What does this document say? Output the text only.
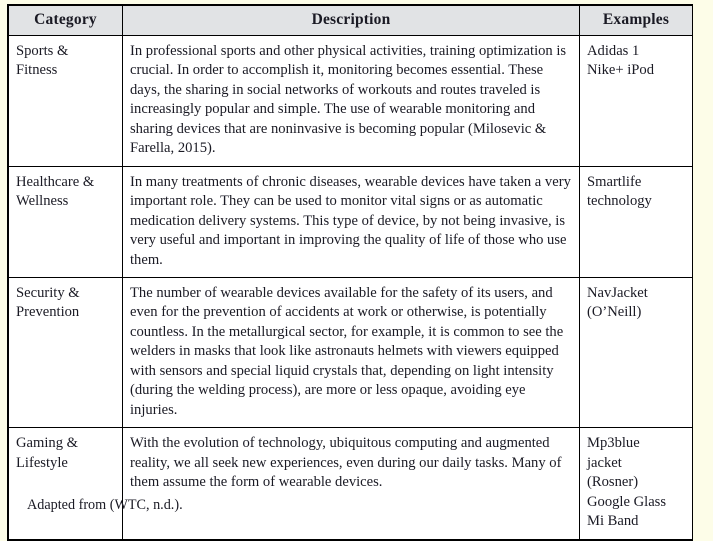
Category	Description	Examples

Sports &
Fitness	In professional sports and other physical activities, training optimization is crucial. In order to accomplish it, monitoring becomes essential. These days, the sharing in social networks of workouts and routes traveled is increasingly popular and simple. The use of wearable monitoring and sharing devices that are noninvasive is becoming popular (Milosevic & Farella, 2015).	Adidas 1
Nike+ iPod

Healthcare &
Wellness	In many treatments of chronic diseases, wearable devices have taken a very important role. They can be used to monitor vital signs or as automatic medication delivery systems. This type of device, by not being invasive, is very useful and important in improving the quality of life of those who use them.	Smartlife
technology

Security &
Prevention	The number of wearable devices available for the safety of its users, and even for the prevention of accidents at work or otherwise, is potentially countless. In the metallurgical sector, for example, it is common to see the welders in masks that look like astronauts helmets with viewers equipped with sensors and special liquid crystals that, depending on light intensity (during the welding process), are more or less opaque, avoiding eye injuries.	NavJacket
(O’Neill)

Gaming &
Lifestyle	With the evolution of technology, ubiquitous computing and augmented reality, we all seek new experiences, even during our daily tasks. Many of them assume the form of wearable devices.	Mp3blue
jacket
(Rosner)
Google Glass
Mi Band
Adapted from (WTC, n.d.).
